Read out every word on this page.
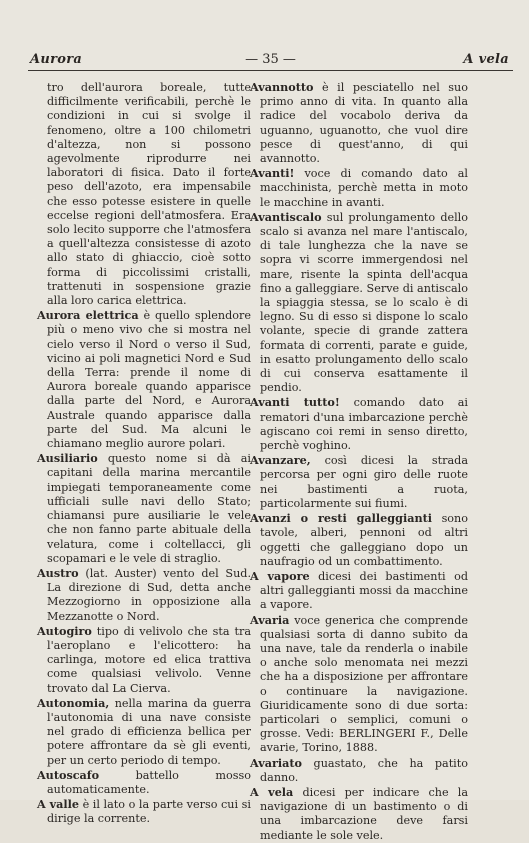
Aurora	— 35 —	A vela

tro dell'aurora boreale, tutte difficilmente verificabili, perchè le condizioni in cui si svolge il fenomeno, oltre a 100 chilometri d'altezza, non si possono agevolmente riprodurre nei laboratori di fisica. Dato il forte peso dell'azoto, era impensabile che esso potesse esistere in quelle eccelse regioni dell'atmosfera. Era solo lecito supporre che l'atmosfera a quell'altezza consistesse di azoto allo stato di ghiaccio, cioè sotto forma di piccolissimi cristalli, trattenuti in sospensione grazie alla loro carica elettrica.

Aurora elettrica è quello splendore più o meno vivo che si mostra nel cielo verso il Nord o verso il Sud, vicino ai poli magnetici Nord e Sud della Terra: prende il nome di Aurora boreale quando apparisce dalla parte del Nord, e Aurora Australe quando apparisce dalla parte del Sud. Ma alcuni le chiamano meglio aurore polari.

Ausiliario questo nome si dà ai capitani della marina mercantile impiegati temporaneamente come ufficiali sulle navi dello Stato; chiamansi pure ausiliarie le vele che non fanno parte abituale della velatura, come i coltellacci, gli scopamari e le vele di straglio.

Austro (lat. Auster) vento del Sud. La direzione di Sud, detta anche Mezzogiorno in opposizione alla Mezzanotte o Nord.

Autogiro tipo di velivolo che sta tra l'aeroplano e l'elicottero: ha carlinga, motore ed elica trattiva come qualsiasi velivolo. Venne trovato dal La Cierva.

Autonomia, nella marina da guerra l'autonomia di una nave consiste nel grado di efficienza bellica per potere affrontare da sè gli eventi, per un certo periodo di tempo.

Autoscafo battello mosso automaticamente.

A valle è il lato o la parte verso cui si dirige la corrente.

Avannotto è il pesciatello nel suo primo anno di vita. In quanto alla radice del vocabolo deriva da uguanno, uguanotto, che vuol dire pesce di quest'anno, di qui avannotto.

Avanti! voce di comando dato al macchinista, perchè metta in moto le macchine in avanti.

Avantiscalo sul prolungamento dello scalo si avanza nel mare l'antiscalo, di tale lunghezza che la nave se sopra vi scorre immergendosi nel mare, risente la spinta dell'acqua fino a galleggiare. Serve di antiscalo la spiaggia stessa, se lo scalo è di legno. Su di esso si dispone lo scalo volante, specie di grande zattera formata di correnti, parate e guide, in esatto prolungamento dello scalo di cui conserva esattamente il pendio.

Avanti tutto! comando dato ai rematori d'una imbarcazione perchè agiscano coi remi in senso diretto, perchè voghino.

Avanzare, così dicesi la strada percorsa per ogni giro delle ruote nei bastimenti a ruota, particolarmente sui fiumi.

Avanzi o resti galleggianti sono tavole, alberi, pennoni od altri oggetti che galleggiano dopo un naufragio od un combattimento.

A vapore dicesi dei bastimenti od altri galleggianti mossi da macchine a vapore.

Avaria voce generica che comprende qualsiasi sorta di danno subito da una nave, tale da renderla o inabile o anche solo menomata nei mezzi che ha a disposizione per affrontare o continuare la navigazione. Giuridicamente sono di due sorta: particolari o semplici, comuni o grosse. Vedi: BERLINGERI F., Delle avarie, Torino, 1888.

Avariato guastato, che ha patito danno.

A vela dicesi per indicare che la navigazione di un bastimento o di una imbarcazione deve farsi mediante le sole vele.
